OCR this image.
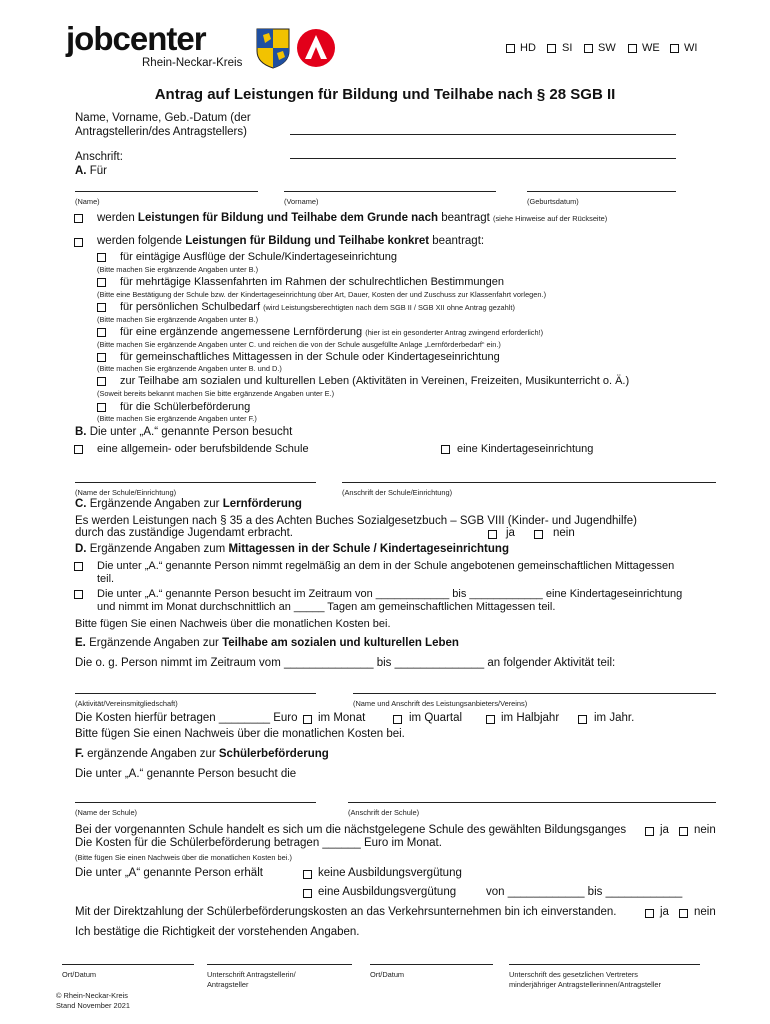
jobcenter
Rhein-Neckar-Kreis
HD SI SW WE WI
Antrag auf Leistungen für Bildung und Teilhabe nach § 28 SGB II
Name, Vorname, Geb.-Datum (der
Antragstellerin/des Antragstellers)
Anschrift:
A. Für
(Name)	(Vorname)	(Geburtsdatum)
werden Leistungen für Bildung und Teilhabe dem Grunde nach beantragt (siehe Hinweise auf der Rückseite)
werden folgende Leistungen für Bildung und Teilhabe konkret beantragt:
für eintägige Ausflüge der Schule/Kindertageseinrichtung
(Bitte machen Sie ergänzende Angaben unter B.)
für mehrtägige Klassenfahrten im Rahmen der schulrechtlichen Bestimmungen
(Bitte eine Bestätigung der Schule bzw. der Kindertageseinrichtung über Art, Dauer, Kosten der und Zuschuss zur Klassenfahrt vorlegen.)
für persönlichen Schulbedarf (wird Leistungsberechtigten nach dem SGB II / SGB XII ohne Antrag gezahlt)
(Bitte machen Sie ergänzende Angaben unter B.)
für eine ergänzende angemessene Lernförderung (hier ist ein gesonderter Antrag zwingend erforderlich!)
(Bitte machen Sie ergänzende Angaben unter C. und reichen die von der Schule ausgefüllte Anlage „Lernförderbedarf“ ein.)
für gemeinschaftliches Mittagessen in der Schule oder Kindertageseinrichtung
(Bitte machen Sie ergänzende Angaben unter B. und D.)
zur Teilhabe am sozialen und kulturellen Leben (Aktivitäten in Vereinen, Freizeiten, Musikunterricht o. Ä.)
(Soweit bereits bekannt machen Sie bitte ergänzende Angaben unter E.)
für die Schülerbeförderung
(Bitte machen Sie ergänzende Angaben unter F.)
B. Die unter „A.“ genannte Person besucht
eine allgemein- oder berufsbildende Schule	eine Kindertageseinrichtung
(Name der Schule/Einrichtung)	(Anschrift der Schule/Einrichtung)
C. Ergänzende Angaben zur Lernförderung
Es werden Leistungen nach § 35 a des Achten Buches Sozialgesetzbuch – SGB VIII (Kinder- und Jugendhilfe)
durch das zuständige Jugendamt erbracht.	ja	nein
D. Ergänzende Angaben zum Mittagessen in der Schule / Kindertageseinrichtung
Die unter „A.“ genannte Person nimmt regelmäßig an dem in der Schule angebotenen gemeinschaftlichen Mittagessen
teil.
Die unter „A.“ genannte Person besucht im Zeitraum von ____________ bis ____________ eine Kindertageseinrichtung
und nimmt im Monat durchschnittlich an _____ Tagen am gemeinschaftlichen Mittagessen teil.
Bitte fügen Sie einen Nachweis über die monatlichen Kosten bei.
E. Ergänzende Angaben zur Teilhabe am sozialen und kulturellen Leben
Die o. g. Person nimmt im Zeitraum vom ______________ bis ______________ an folgender Aktivität teil:
(Aktivität/Vereinsmitgliedschaft)	(Name und Anschrift des Leistungsanbieters/Vereins)
Die Kosten hierfür betragen ________ Euro im Monat	im Quartal	im Halbjahr	im Jahr.
Bitte fügen Sie einen Nachweis über die monatlichen Kosten bei.
F. ergänzende Angaben zur Schülerbeförderung
Die unter „A.“ genannte Person besucht die
(Name der Schule)	(Anschrift der Schule)
Bei der vorgenannten Schule handelt es sich um die nächstgelegene Schule des gewählten Bildungsganges	ja nein
Die Kosten für die Schülerbeförderung betragen ______ Euro im Monat.
(Bitte fügen Sie einen Nachweis über die monatlichen Kosten bei.)
Die unter „A“ genannte Person erhält	keine Ausbildungsvergütung
eine Ausbildungsvergütung	von ____________ bis ____________
Mit der Direktzahlung der Schülerbeförderungskosten an das Verkehrsunternehmen bin ich einverstanden.	ja nein
Ich bestätige die Richtigkeit der vorstehenden Angaben.
Ort/Datum	Unterschrift Antragstellerin/
Antragsteller
Ort/Datum	Unterschrift des gesetzlichen Vertreters
minderjähriger Antragstellerinnen/Antragsteller
© Rhein-Neckar-Kreis
Stand November 2021
